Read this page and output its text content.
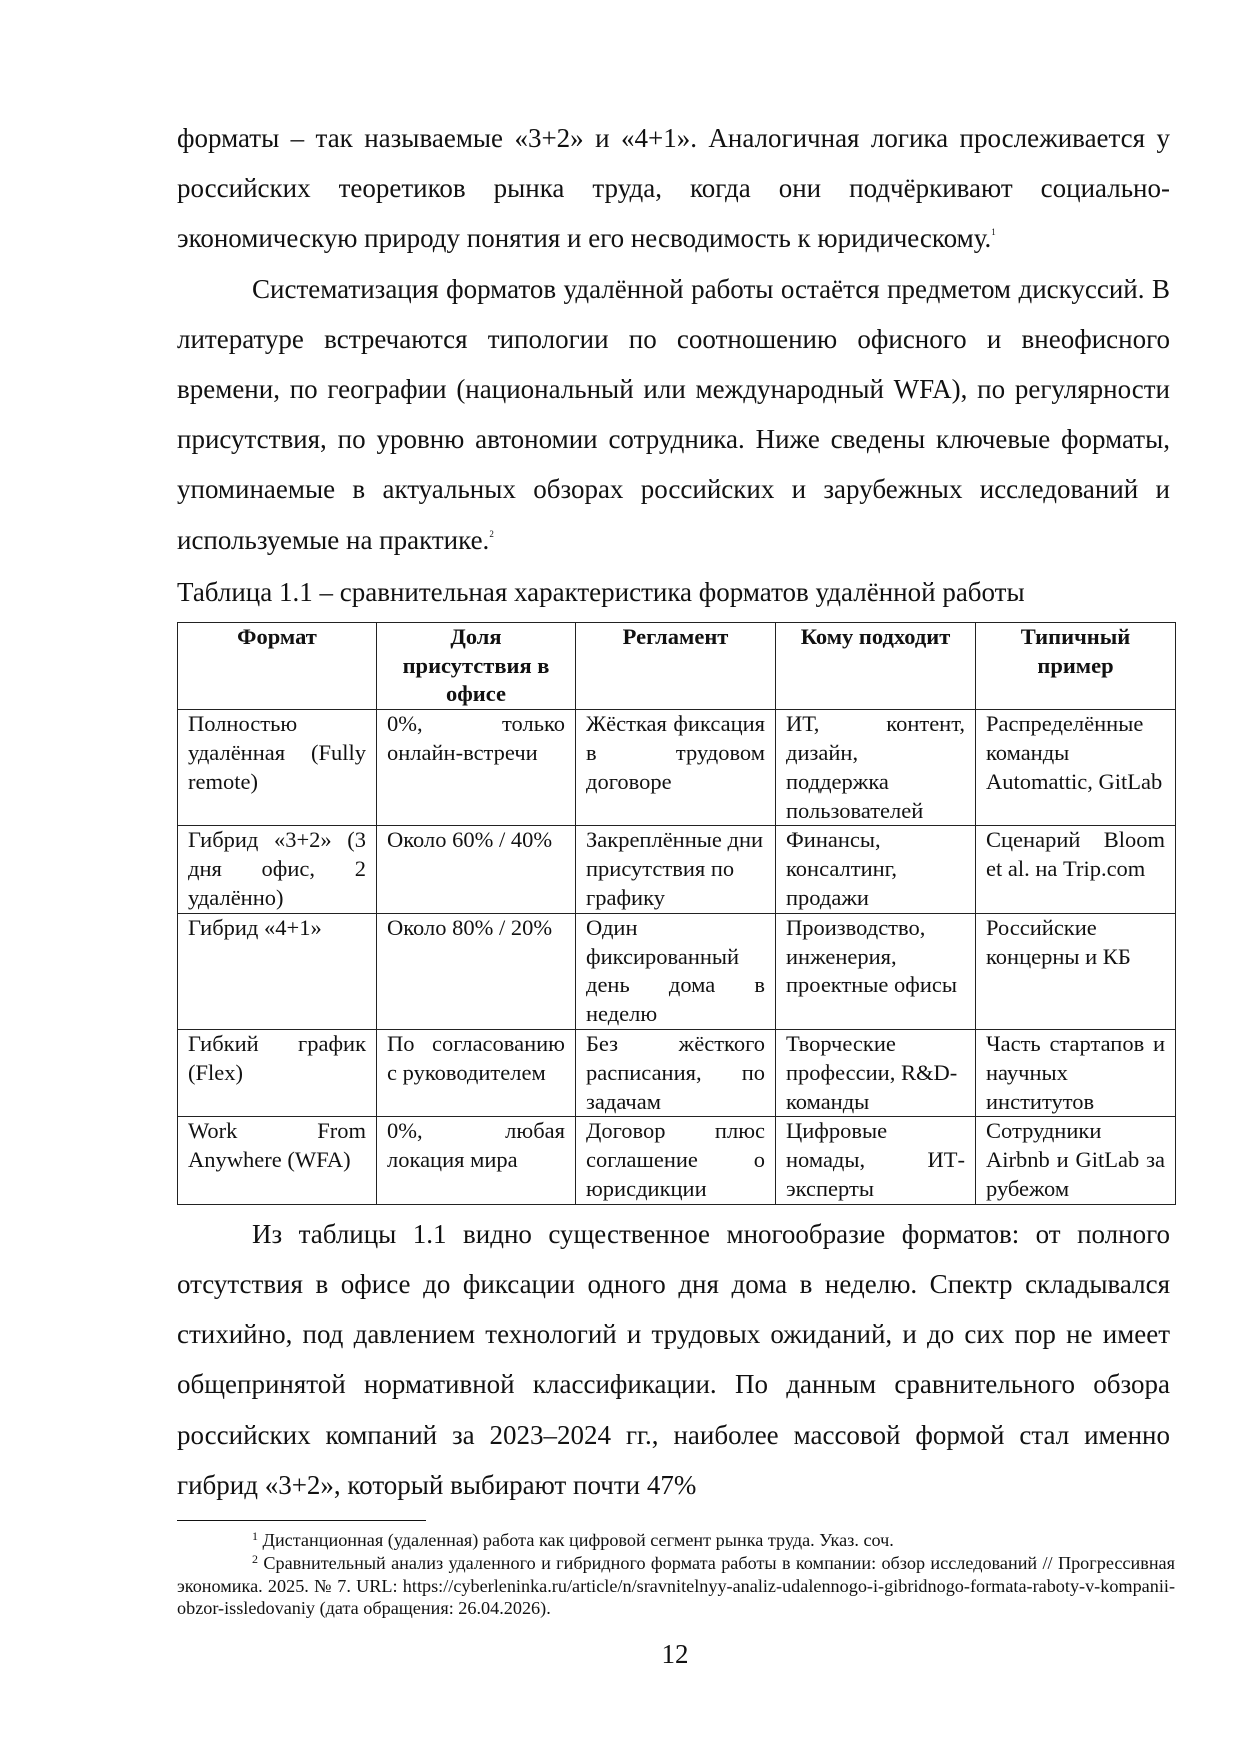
форматы – так называемые «3+2» и «4+1». Аналогичная логика прослеживается у российских теоретиков рынка труда, когда они подчёркивают социально-экономическую природу понятия и его несводимость к юридическому.$^1$

Систематизация форматов удалённой работы остаётся предметом дискуссий. В литературе встречаются типологии по соотношению офисного и внеофисного времени, по географии (национальный или международный WFA), по регулярности присутствия, по уровню автономии сотрудника. Ниже сведены ключевые форматы, упоминаемые в актуальных обзорах российских и зарубежных исследований и используемые на практике.$^2$

Таблица 1.1 – сравнительная характеристика форматов удалённой работы

Формат	Доля присутствия в офисе	Регламент	Кому подходит	Типичный пример
Полностью удалённая (Fully remote)	0%, только онлайн-встречи	Жёсткая фиксация в трудовом договоре	ИТ, контент, дизайн, поддержка пользователей	Распределённые команды Automattic, GitLab
Гибрид «3+2» (3 дня офис, 2 удалённо)	Около 60% / 40%	Закреплённые дни присутствия по графику	Финансы, консалтинг, продажи	Сценарий Bloom et al. на Trip.com
Гибрид «4+1»	Около 80% / 20%	Один фиксированный день дома в неделю	Производство, инженерия, проектные офисы	Российские концерны и КБ
Гибкий график (Flex)	По согласованию с руководителем	Без жёсткого расписания, по задачам	Творческие профессии, R&D-команды	Часть стартапов и научных институтов
Work From Anywhere (WFA)	0%, любая локация мира	Договор плюс соглашение о юрисдикции	Цифровые номады, ИТ-эксперты	Сотрудники Airbnb и GitLab за рубежом

Из таблицы 1.1 видно существенное многообразие форматов: от полного отсутствия в офисе до фиксации одного дня дома в неделю. Спектр складывался стихийно, под давлением технологий и трудовых ожиданий, и до сих пор не имеет общепринятой нормативной классификации. По данным сравнительного обзора российских компаний за 2023–2024 гг., наиболее массовой формой стал именно гибрид «3+2», который выбирают почти 47%

$^1$ Дистанционная (удаленная) работа как цифровой сегмент рынка труда. Указ. соч.

$^2$ Сравнительный анализ удаленного и гибридного формата работы в компании: обзор исследований // Прогрессивная экономика. 2025. № 7. URL: https://cyberleninka.ru/article/n/sravnitelnyy-analiz-udalennogo-i-gibridnogo-formata-raboty-v-kompanii-obzor-issledovaniy (дата обращения: 26.04.2026).

12
